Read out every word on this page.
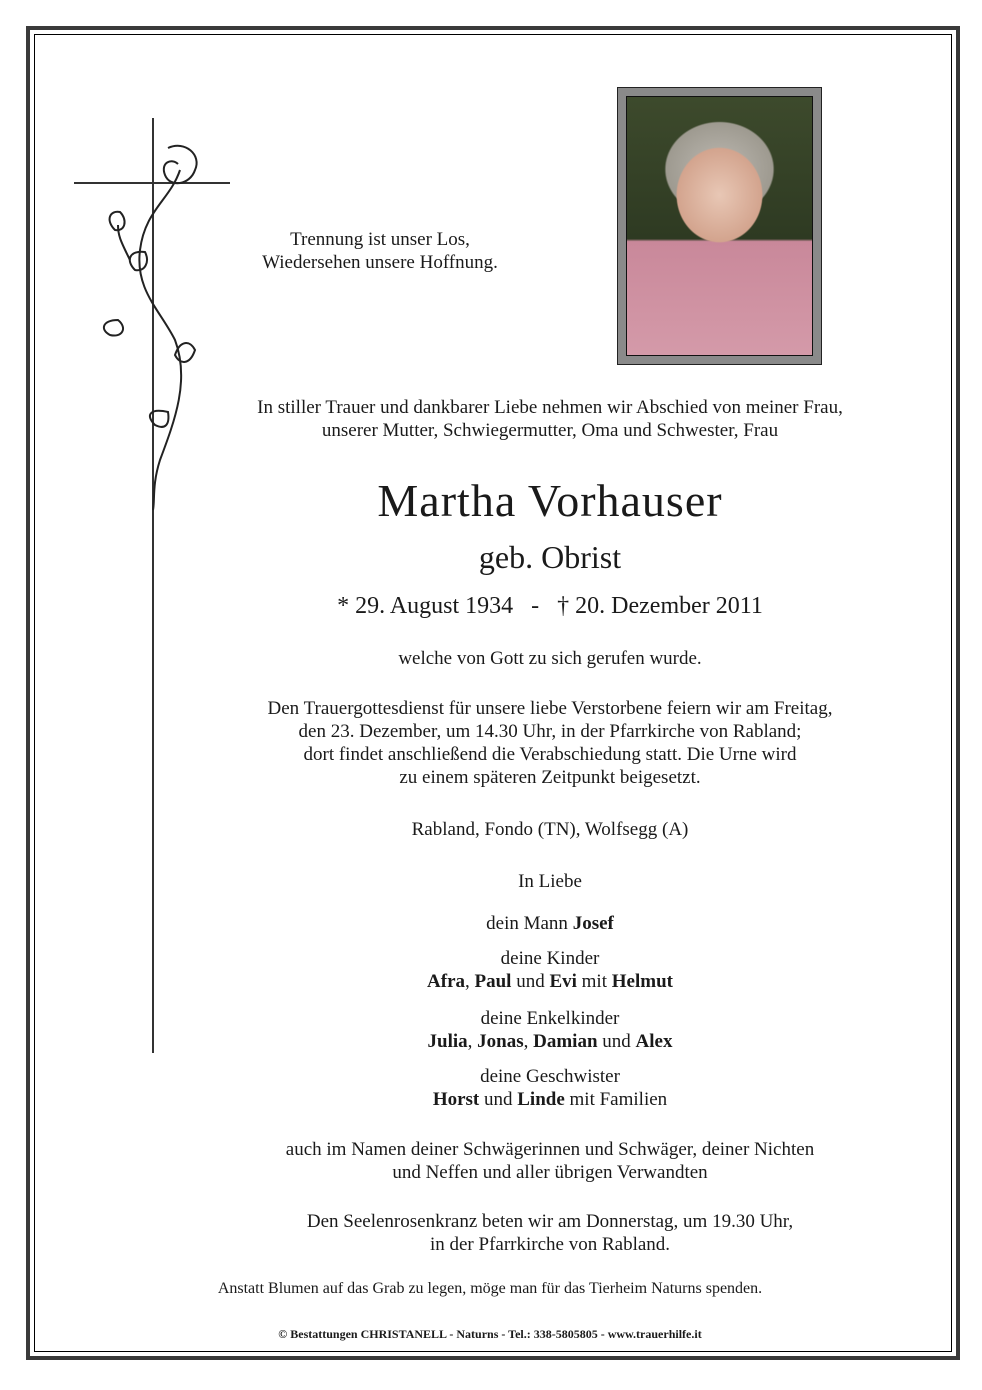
Trennung ist unser Los,
Wiedersehen unsere Hoffnung.
In stiller Trauer und dankbarer Liebe nehmen wir Abschied von meiner Frau,
unserer Mutter, Schwiegermutter, Oma und Schwester, Frau
Martha Vorhauser
geb. Obrist
* 29. August 1934   -   † 20. Dezember 2011
welche von Gott zu sich gerufen wurde.
Den Trauergottesdienst für unsere liebe Verstorbene feiern wir am Freitag,
den 23. Dezember, um 14.30 Uhr, in der Pfarrkirche von Rabland;
dort findet anschließend die Verabschiedung statt. Die Urne wird
zu einem späteren Zeitpunkt beigesetzt.
Rabland, Fondo (TN), Wolfsegg (A)
In Liebe
dein Mann Josef
deine Kinder
Afra, Paul und Evi mit Helmut
deine Enkelkinder
Julia, Jonas, Damian und Alex
deine Geschwister
Horst und Linde mit Familien
auch im Namen deiner Schwägerinnen und Schwäger, deiner Nichten
und Neffen und aller übrigen Verwandten
Den Seelenrosenkranz beten wir am Donnerstag, um 19.30 Uhr,
in der Pfarrkirche von Rabland.
Anstatt Blumen auf das Grab zu legen, möge man für das Tierheim Naturns spenden.
© Bestattungen CHRISTANELL - Naturns - Tel.: 338-5805805 - www.trauerhilfe.it
